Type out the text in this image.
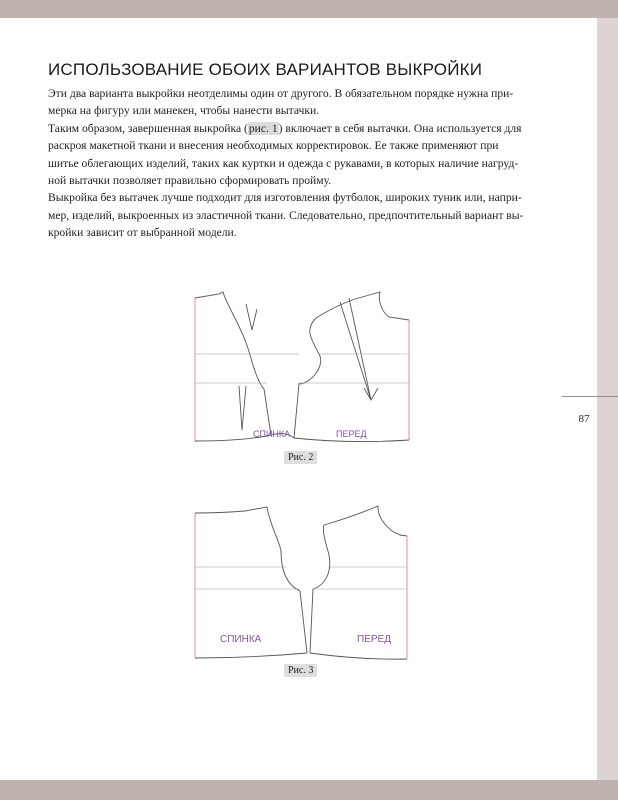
87
ИСПОЛЬЗОВАНИЕ ОБОИХ ВАРИАНТОВ ВЫКРОЙКИ
Эти два варианта выкройки неотделимы один от другого. В обязательном порядке нужна при-
мерка на фигуру или манекен, чтобы нанести вытачки.
Таким образом, завершенная выкройка (рис. 1) включает в себя вытачки. Она используется для
раскроя макетной ткани и внесения необходимых корректировок. Ее также применяют при
шитье облегающих изделий, таких как куртки и одежда с рукавами, в которых наличие нагруд-
ной вытачки позволяет правильно сформировать пройму.
Выкройка без вытачек лучше подходит для изготовления футболок, широких туник или, напри-
мер, изделий, выкроенных из эластичной ткани. Следовательно, предпочтительный вариант вы-
кройки зависит от выбранной модели.
СПИНКА	ПЕРЕД
Рис. 2
СПИНКА	ПЕРЕД
Рис. 3
